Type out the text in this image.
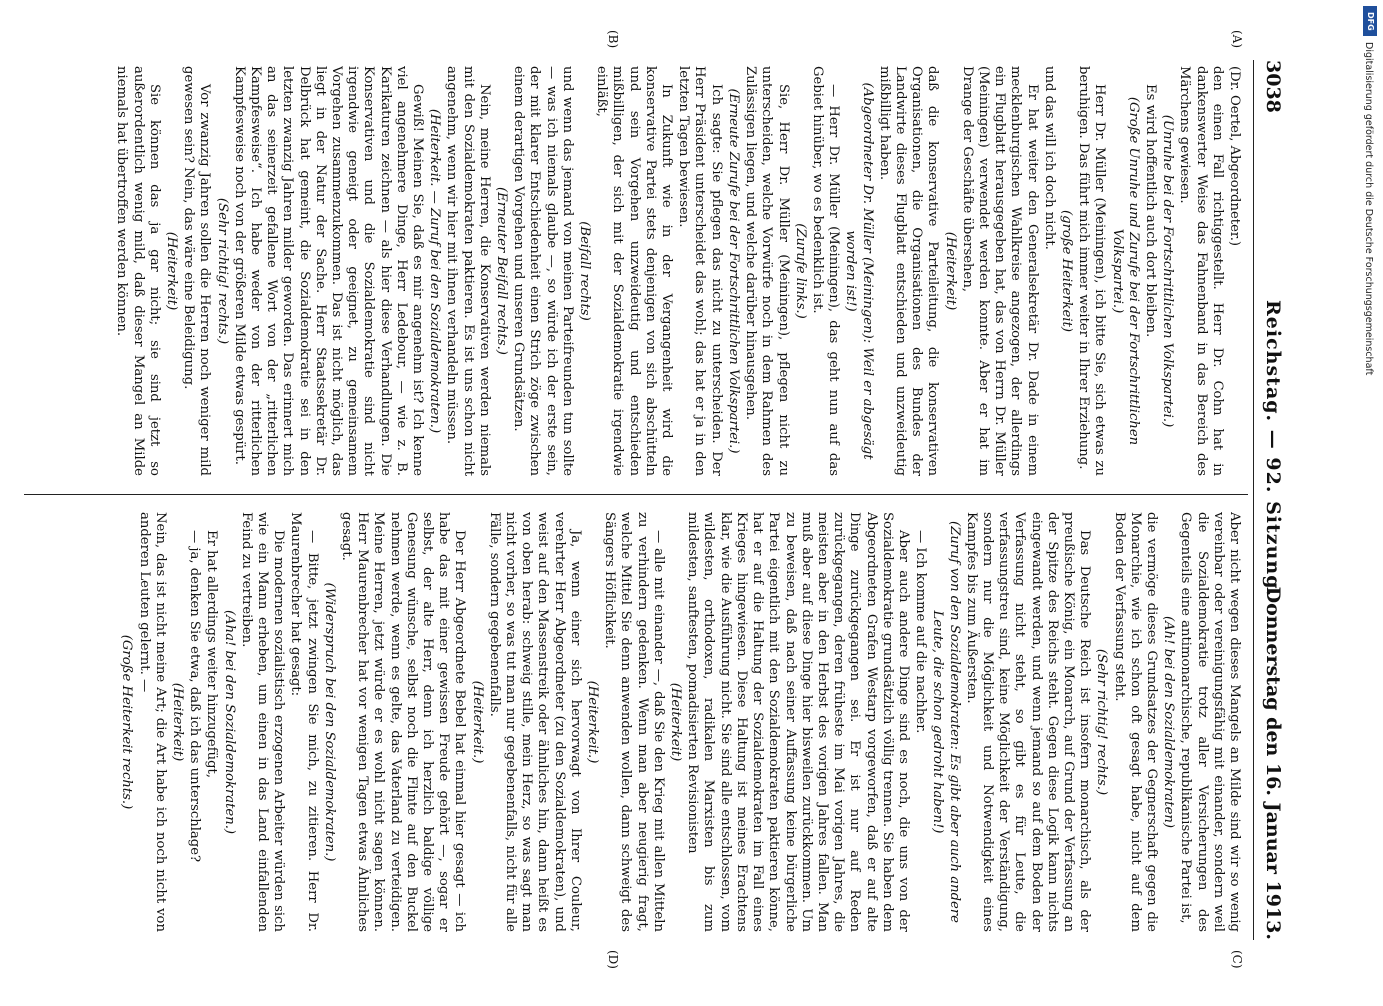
3038
Reichstag. — 92. Sitzung.
Donnerstag den 16. Januar 1913.
(A)
(B)
(C)
(D)

(Dr. Oertel, Abgeordneter.)

den einen Fall richtiggestellt. Herr Dr. Cohn hat in dankenswerter Weise das Fahnenband in das Bereich des Märchens gewiesen.

(Unruhe bei der Fortschrittlichen Volkspartei.)

Es wird hoffentlich auch dort bleiben.

(Große Unruhe und Zurufe bei der Fortschrittlichen Volkspartei.)

Herr Dr. Müller (Meiningen), ich bitte Sie, sich etwas zu beruhigen. Das führt mich immer weiter in Ihrer Erziehung.

(große Heiterkeit)

und das will ich doch nicht.

Er hat weiter den Generalsekretär Dr. Dade in einem mecklenburgischen Wahlkreise angezogen, der allerdings ein Flugblatt herausgegeben hat, das von Herrn Dr. Müller (Meiningen) verwendet werden konnte. Aber er hat im Drange der Geschäfte übersehen,

(Heiterkeit)

daß die konservative Parteileitung, die konservativen Organisationen, die Organisationen des Bundes der Landwirte dieses Flugblatt entschieden und unzweideutig mißbilligt haben.

(Abgeordneter Dr. Müller (Meiningen): Weil er abgesägt worden ist!)

— Herr Dr. Müller (Meiningen), das geht nun auf das Gebiet hinüber, wo es bedenklich ist.

(Zurufe links.)

Sie, Herr Dr. Müller (Meiningen), pflegen nicht zu unterscheiden, welche Vorwürfe noch in dem Rahmen des Zulässigen liegen, und welche darüber hinausgehen.

(Erneute Zurufe bei der Fortschrittlichen Volkspartei.)

Ich sagte: Sie pflegen das nicht zu unterscheiden. Der Herr Präsident unterscheidet das wohl; das hat er ja in den letzten Tagen bewiesen.

In Zukunft wie in der Vergangenheit wird die konservative Partei stets denjenigen von sich abschütteln und sein Vorgehen unzweideutig und entschieden mißbilligen, der sich mit der Sozialdemokratie irgendwie einläßt,

(Beifall rechts)

und wenn das jemand von meinen Parteifreunden tun sollte — was ich niemals glaube —, so würde ich der erste sein, der mit klarer Entschiedenheit einen Strich zöge zwischen einem derartigen Vorgehen und unseren Grundsätzen.

(Erneuter Beifall rechts.)

Nein, meine Herren, die Konservativen werden niemals mit den Sozialdemokraten paktieren. Es ist uns schon nicht angenehm, wenn wir hier mit ihnen verhandeln müssen.

(Heiterkeit. — Zuruf bei den Sozialdemokraten.)

Gewiß! Meinen Sie, daß es mir angenehm ist? Ich kenne viel angenehmere Dinge, Herr Ledebour, — wie z. B. Karikaturen zeichnen — als hier diese Verhandlungen. Die Konservativen und die Sozialdemokratie sind nicht irgendwie geneigt oder geeignet, zu gemeinsamem Vorgehen zusammenzukommen. Das ist nicht möglich, das liegt in der Natur der Sache. Herr Staatssekretär Dr. Delbrück hat gemeint, die Sozialdemokratie sei in den letzten zwanzig Jahren milder geworden. Das erinnert mich an das seinerzeit gefallene Wort von der „ritterlichen Kampfesweise“. Ich habe weder von der ritterlichen Kampfesweise noch von der größeren Milde etwas gespürt.

(Sehr richtig! rechts.)

Vor zwanzig Jahren sollen die Herren noch weniger mild gewesen sein? Nein, das wäre eine Beleidigung.

(Heiterkeit)

Sie können das ja gar nicht; sie sind jetzt so außerordentlich wenig mild, daß dieser Mangel an Milde niemals hat übertroffen werden können.

Aber nicht wegen dieses Mangels an Milde sind wir so wenig vereinbar oder vereinigungsfähig mit einander, sondern weil die Sozialdemokratie trotz aller Versicherungen des Gegenteils eine antimonarchische, republikanische Partei ist,

(Ah! bei den Sozialdemokraten)

die vermöge dieses Grundsatzes der Gegnerschaft gegen die Monarchie, wie ich schon oft gesagt habe, nicht auf dem Boden der Verfassung steht.

(Sehr richtig! rechts.)

Das Deutsche Reich ist insofern monarchisch, als der preußische König, ein Monarch, auf Grund der Verfassung an der Spitze des Reichs steht. Gegen diese Logik kann nichts eingewandt werden, und wenn jemand so auf dem Boden der Verfassung nicht steht, so gibt es für Leute, die verfassungstreu sind, keine Möglichkeit der Verständigung, sondern nur die Möglichkeit und Notwendigkeit eines Kampfes bis zum Äußersten.

(Zuruf von den Sozialdemokraten: Es gibt aber auch andere Leute, die schon gedroht haben!)

— Ich komme auf die nachher.

Aber auch andere Dinge sind es noch, die uns von der Sozialdemokratie grundsätzlich völlig trennen. Sie haben dem Abgeordneten Grafen Westarp vorgeworfen, daß er auf alte Dinge zurückgegangen sei. Er ist nur auf Reden zurückgegangen, deren früheste im Mai vorigen Jahres, die meisten aber in den Herbst des vorigen Jahres fallen. Man muß aber auf diese Dinge hier bisweilen zurückkommen. Um zu beweisen, daß nach seiner Auffassung keine bürgerliche Partei eigentlich mit den Sozialdemokraten paktieren könne, hat er auf die Haltung der Sozialdemokraten im Fall eines Krieges hingewiesen. Diese Haltung ist meines Erachtens klar, wie die Ausführung nicht. Sie sind alle entschlossen, vom wildesten, orthodoxen, radikalen Marxisten bis zum mildesten, sanftesten, pomadisierten Revisionisten

(Heiterkeit)

— alle mit einander —, daß Sie den Krieg mit allen Mitteln zu verhindern gedenken. Wenn man aber neugierig fragt, welche Mittel Sie denn anwenden wollen, dann schweigt des Sängers Höflichkeit.

(Heiterkeit.)

Ja, wenn einer sich hervorwagt von Ihrer Couleur, verehrter Herr Abgeordneter (zu den Sozialdemokraten), und weist auf den Massenstreik oder ähnliches hin, dann heißt es von oben herab: schweig stille, mein Herz, so was sagt man nicht vorher, so was tut man nur gegebenenfalls, nicht für alle Fälle, sondern gegebenenfalls.

(Heiterkeit.)

Der Herr Abgeordnete Bebel hat einmal hier gesagt — ich habe das mit einer gewissen Freude gehört —, sogar er selbst, der alte Herr, denn ich herzlich baldige völlige Genesung wünsche, selbst noch die Flinte auf den Buckel nehmen werde, wenn es gelte, das Vaterland zu verteidigen. Meine Herren, jetzt würde er es wohl nicht sagen können. Herr Maurenbrecher hat vor wenigen Tagen etwas Ähnliches gesagt.

(Widerspruch bei den Sozialdemokraten.)

— Bitte, jetzt zwingen Sie mich, zu zitieren. Herr Dr. Maurenbrecher hat gesagt:

Die modernen sozialistisch erzogenen Arbeiter würden sich wie ein Mann erheben, um einen in das Land einfallenden Feind zu vertreiben.

(Aha! bei den Sozialdemokraten.)

Er hat allerdings weiter hinzugefügt,

— ja, denken Sie etwa, daß ich das unterschlage?

(Heiterkeit)

Nein, das ist nicht meine Art; die Art habe ich noch nicht von anderen Leuten gelernt. —

(Große Heiterkeit rechts.)

DFG
Digitalisierung gefördert durch die Deutsche Forschungsgemeinschaft
